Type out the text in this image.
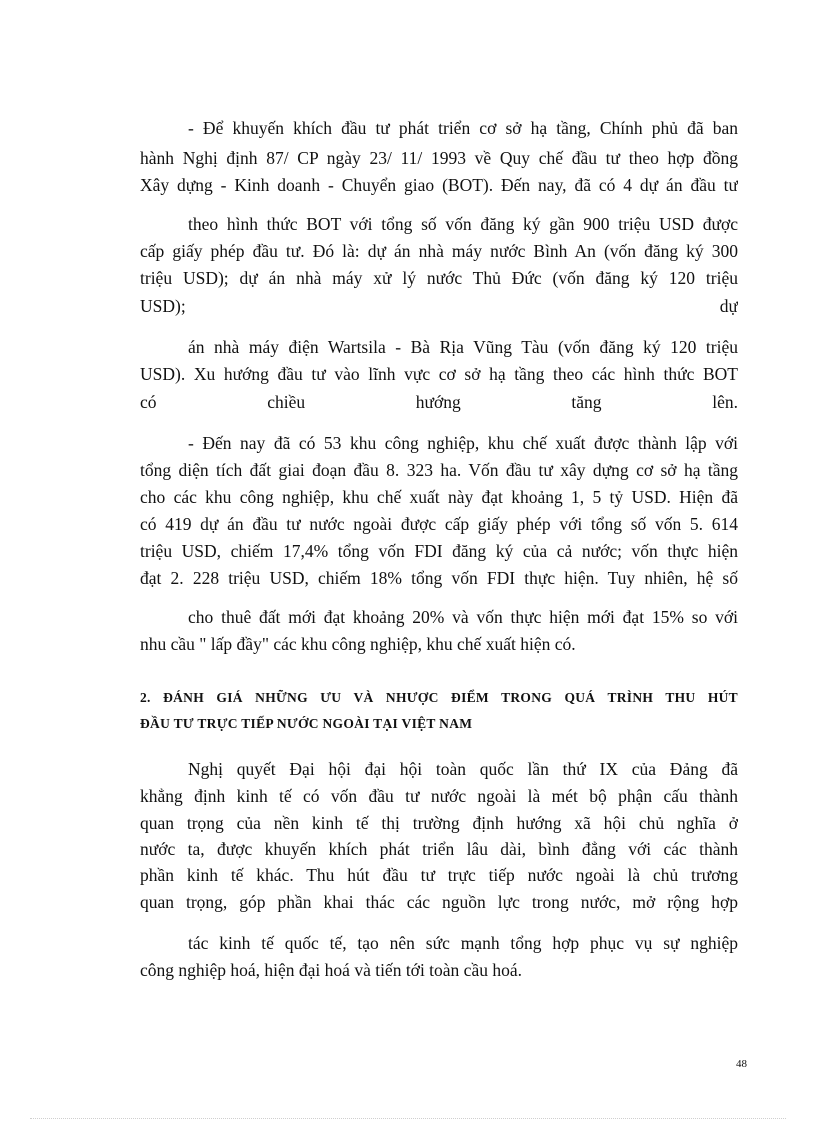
- Để khuyến khích đầu tư phát triển cơ sở hạ tầng, Chính phủ đã ban
hành Nghị định 87/ CP ngày 23/ 11/ 1993 về Quy chế đầu tư theo hợp đồng
Xây dựng - Kinh doanh - Chuyển giao (BOT). Đến nay, đã có 4 dự án đầu tư
theo hình thức BOT với tổng số vốn đăng ký gần 900 triệu USD được
cấp giấy phép đầu tư. Đó là: dự án nhà máy nước Bình An (vốn đăng ký 300
triệu USD); dự án nhà máy xử lý nước Thủ Đức (vốn đăng ký 120 triệu
USD); dự
án nhà máy điện Wartsila - Bà Rịa Vũng Tàu (vốn đăng ký 120 triệu
USD). Xu hướng đầu tư vào lĩnh vực cơ sở hạ tầng theo các hình thức BOT
có chiều hướng tăng lên.
- Đến nay đã có 53 khu công nghiệp, khu chế xuất được thành lập với
tổng diện tích đất giai đoạn đầu 8. 323 ha. Vốn đầu tư xây dựng cơ sở hạ tầng
cho các khu công nghiệp, khu chế xuất này đạt khoảng 1, 5 tỷ USD. Hiện đã
có 419 dự án đầu tư nước ngoài được cấp giấy phép với tổng số vốn 5. 614
triệu USD, chiếm 17,4% tổng vốn FDI đăng ký của cả nước; vốn thực hiện
đạt 2. 228 triệu USD, chiếm 18% tổng vốn FDI thực hiện. Tuy nhiên, hệ số
cho thuê đất mới đạt khoảng 20% và vốn thực hiện mới đạt 15% so với
nhu cầu " lấp đầy" các khu công nghiệp, khu chế xuất hiện có.
2. ĐÁNH GIÁ NHỮNG ƯU VÀ NHƯỢC ĐIỂM TRONG QUÁ TRÌNH THU HÚT
ĐẦU TƯ TRỰC TIẾP NƯỚC NGOÀI TẠI VIỆT NAM
Nghị quyết Đại hội đại hội toàn quốc lần thứ IX của Đảng đã
khẳng định kinh tế có vốn đầu tư nước ngoài là mét bộ phận cấu thành
quan trọng của nền kinh tế thị trường định hướng xã hội chủ nghĩa ở
nước ta, được khuyến khích phát triển lâu dài, bình đẳng với các thành
phần kinh tế khác. Thu hút đầu tư trực tiếp nước ngoài là chủ trương
quan trọng, góp phần khai thác các nguồn lực trong nước, mở rộng hợp
tác kinh tế quốc tế, tạo nên sức mạnh tổng hợp phục vụ sự nghiệp
công nghiệp hoá, hiện đại hoá và tiến tới toàn cầu hoá.
48
